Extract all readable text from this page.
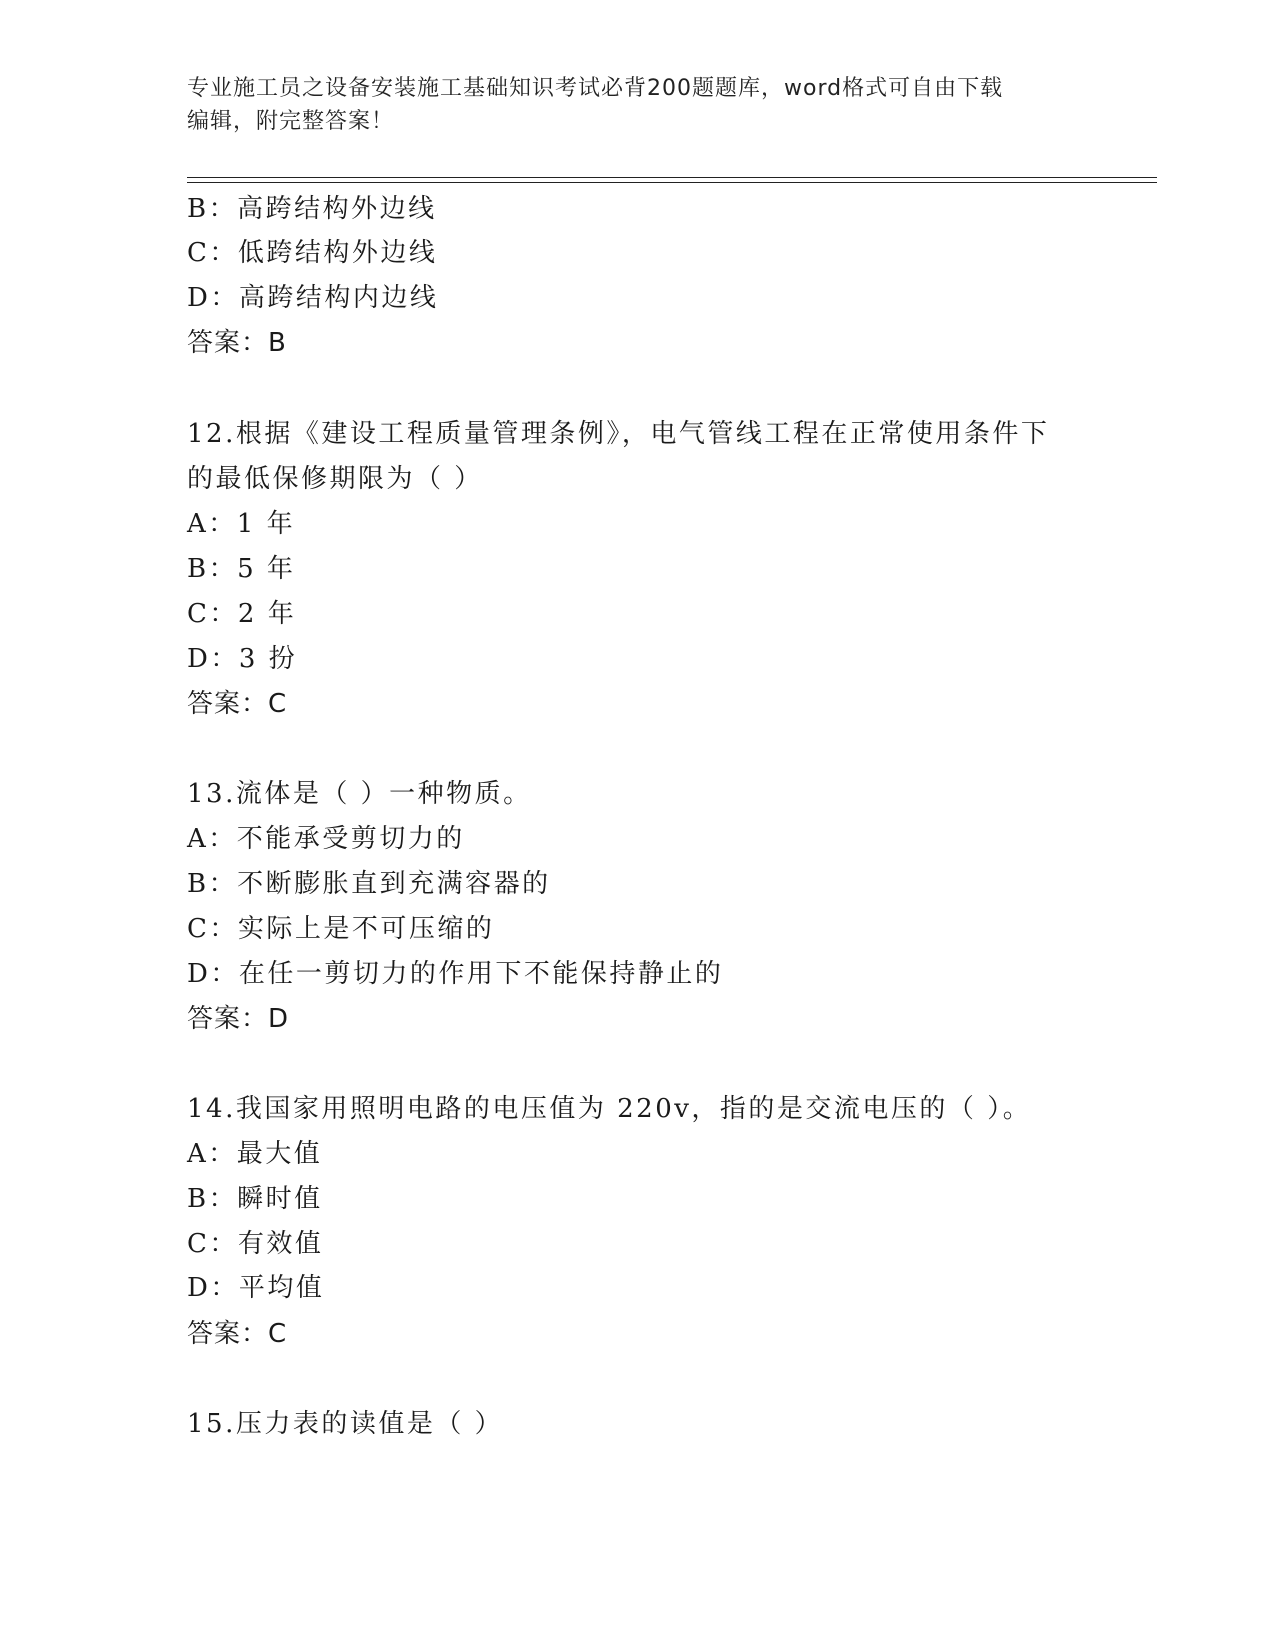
专业施工员之设备安装施工基础知识考试必背200题题库，word格式可自由下载
编辑，附完整答案！
B：高跨结构外边线
C：低跨结构外边线
D：高跨结构内边线
答案：B
12.根据《建设工程质量管理条例》，电气管线工程在正常使用条件下
的最低保修期限为（ ）
A：1 年
B：5 年
C：2 年
D：3 扮
答案：C
13.流体是（ ）一种物质。
A：不能承受剪切力的
B：不断膨胀直到充满容器的
C：实际上是不可压缩的
D：在任一剪切力的作用下不能保持静止的
答案：D
14.我国家用照明电路的电压值为 220v，指的是交流电压的（ ）。
A：最大值
B：瞬时值
C：有效值
D：平均值
答案：C
15.压力表的读值是（ ）
